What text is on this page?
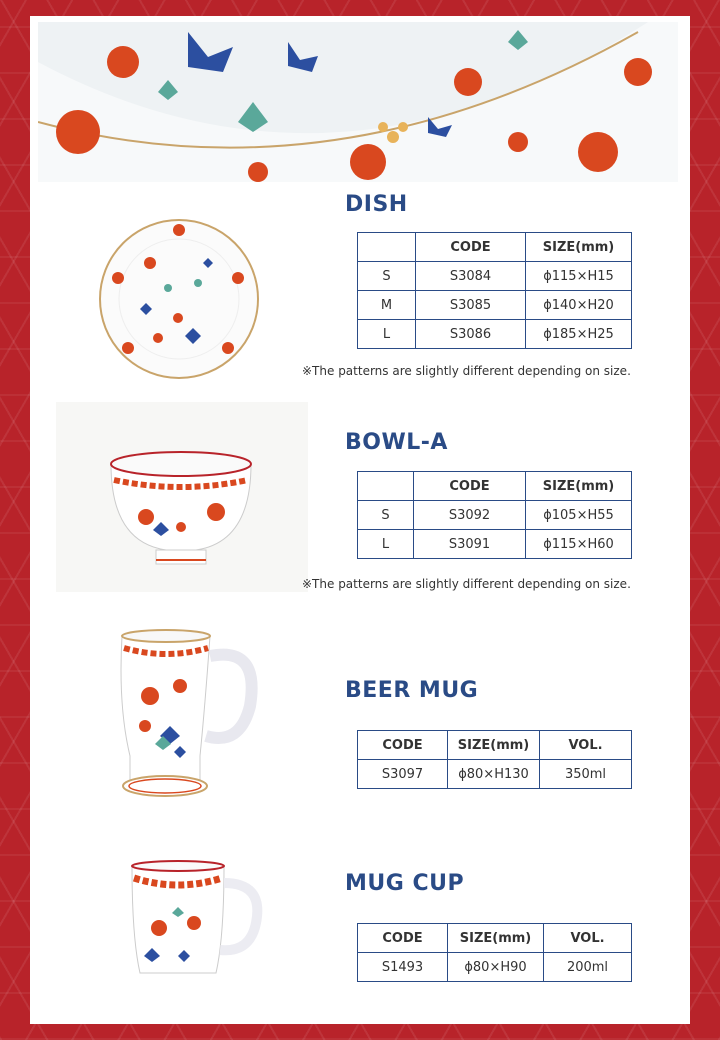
DISH
	CODE	SIZE(mm)
S	S3084	ϕ115×H15
M	S3085	ϕ140×H20
L	S3086	ϕ185×H25
※The patterns are slightly different depending on size.
BOWL-A
	CODE	SIZE(mm)
S	S3092	ϕ105×H55
L	S3091	ϕ115×H60
※The patterns are slightly different depending on size.
BEER MUG
CODE	SIZE(mm)	VOL.
S3097	ϕ80×H130	350ml
MUG CUP
CODE	SIZE(mm)	VOL.
S1493	ϕ80×H90	200ml
